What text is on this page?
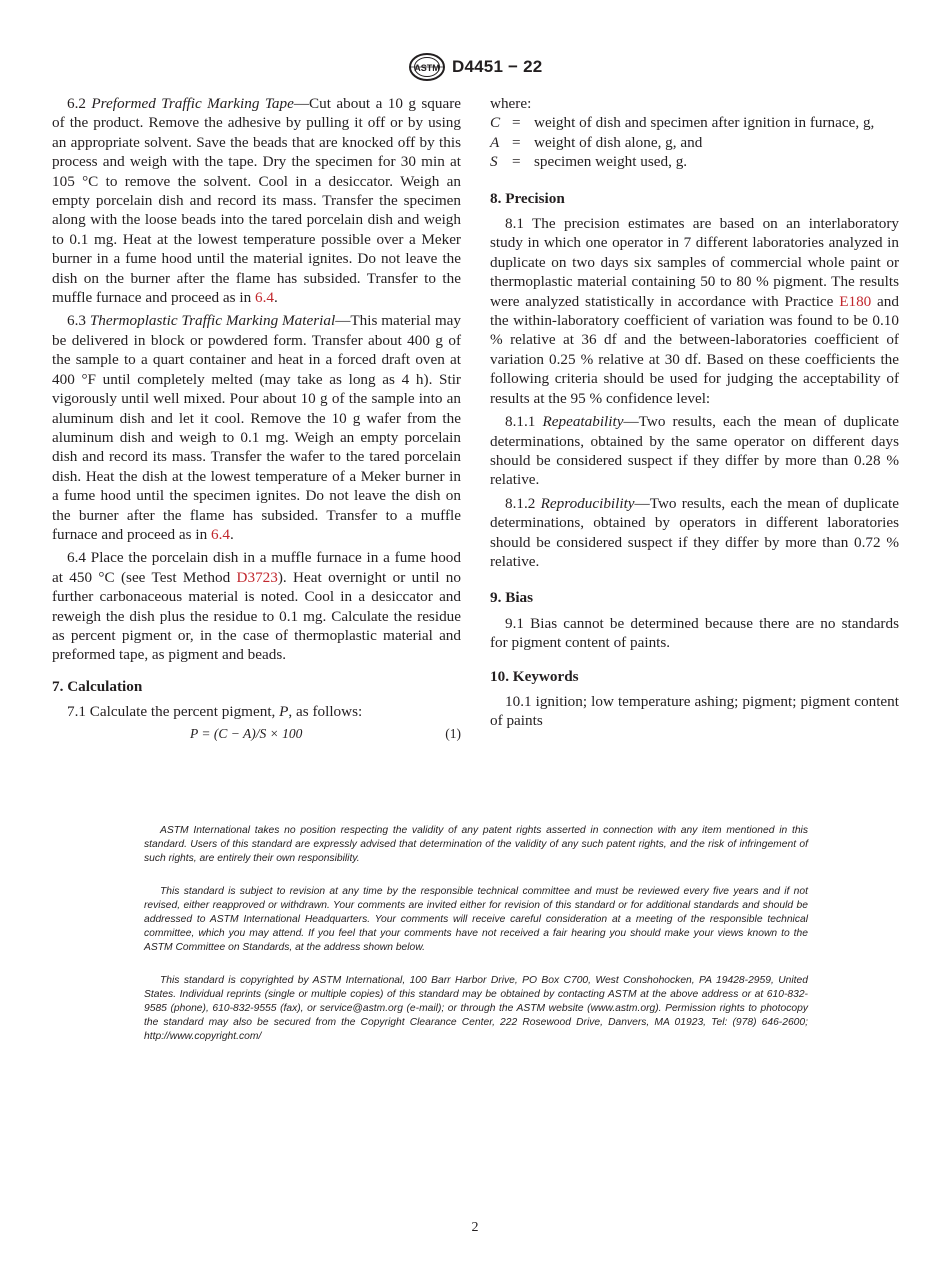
ASTM D4451 − 22

6.2 Preformed Traffic Marking Tape—Cut about a 10 g square of the product. Remove the adhesive by pulling it off or by using an appropriate solvent. Save the beads that are knocked off by this process and weigh with the tape. Dry the specimen for 30 min at 105 °C to remove the solvent. Cool in a desiccator. Weigh an empty porcelain dish and record its mass. Transfer the specimen along with the loose beads into the tared porcelain dish and weigh to 0.1 mg. Heat at the lowest temperature possible over a Meker burner in a fume hood until the material ignites. Do not leave the dish on the burner after the flame has subsided. Transfer to the muffle furnace and proceed as in 6.4.

6.3 Thermoplastic Traffic Marking Material—This material may be delivered in block or powdered form. Transfer about 400 g of the sample to a quart container and heat in a forced draft oven at 400 °F until completely melted (may take as long as 4 h). Stir vigorously until well mixed. Pour about 10 g of the sample into an aluminum dish and let it cool. Remove the 10 g wafer from the aluminum dish and weigh to 0.1 mg. Weigh an empty porcelain dish and record its mass. Transfer the wafer to the tared porcelain dish. Heat the dish at the lowest temperature of a Meker burner in a fume hood until the specimen ignites. Do not leave the dish on the burner after the flame has subsided. Transfer to a muffle furnace and proceed as in 6.4.

6.4 Place the porcelain dish in a muffle furnace in a fume hood at 450 °C (see Test Method D3723). Heat overnight or until no further carbonaceous material is noted. Cool in a desiccator and reweigh the dish plus the residue to 0.1 mg. Calculate the residue as percent pigment or, in the case of thermoplastic material and preformed tape, as pigment and beads.

7. Calculation

7.1 Calculate the percent pigment, P, as follows:

P = (C − A)/S × 100	(1)

where:

C = weight of dish and specimen after ignition in furnace, g,
A = weight of dish alone, g, and
S = specimen weight used, g.

8. Precision

8.1 The precision estimates are based on an interlaboratory study in which one operator in 7 different laboratories analyzed in duplicate on two days six samples of commercial whole paint or thermoplastic material containing 50 to 80 % pigment. The results were analyzed statistically in accordance with Practice E180 and the within-laboratory coefficient of variation was found to be 0.10 % relative at 36 df and the between-laboratories coefficient of variation 0.25 % relative at 30 df. Based on these coefficients the following criteria should be used for judging the acceptability of results at the 95 % confidence level:

8.1.1 Repeatability—Two results, each the mean of duplicate determinations, obtained by the same operator on different days should be considered suspect if they differ by more than 0.28 % relative.

8.1.2 Reproducibility—Two results, each the mean of duplicate determinations, obtained by operators in different laboratories should be considered suspect if they differ by more than 0.72 % relative.

9. Bias

9.1 Bias cannot be determined because there are no standards for pigment content of paints.

10. Keywords

10.1 ignition; low temperature ashing; pigment; pigment content of paints

ASTM International takes no position respecting the validity of any patent rights asserted in connection with any item mentioned in this standard. Users of this standard are expressly advised that determination of the validity of any such patent rights, and the risk of infringement of such rights, are entirely their own responsibility.

This standard is subject to revision at any time by the responsible technical committee and must be reviewed every five years and if not revised, either reapproved or withdrawn. Your comments are invited either for revision of this standard or for additional standards and should be addressed to ASTM International Headquarters. Your comments will receive careful consideration at a meeting of the responsible technical committee, which you may attend. If you feel that your comments have not received a fair hearing you should make your views known to the ASTM Committee on Standards, at the address shown below.

This standard is copyrighted by ASTM International, 100 Barr Harbor Drive, PO Box C700, West Conshohocken, PA 19428-2959, United States. Individual reprints (single or multiple copies) of this standard may be obtained by contacting ASTM at the above address or at 610-832-9585 (phone), 610-832-9555 (fax), or service@astm.org (e-mail); or through the ASTM website (www.astm.org). Permission rights to photocopy the standard may also be secured from the Copyright Clearance Center, 222 Rosewood Drive, Danvers, MA 01923, Tel: (978) 646-2600; http://www.copyright.com/

2
